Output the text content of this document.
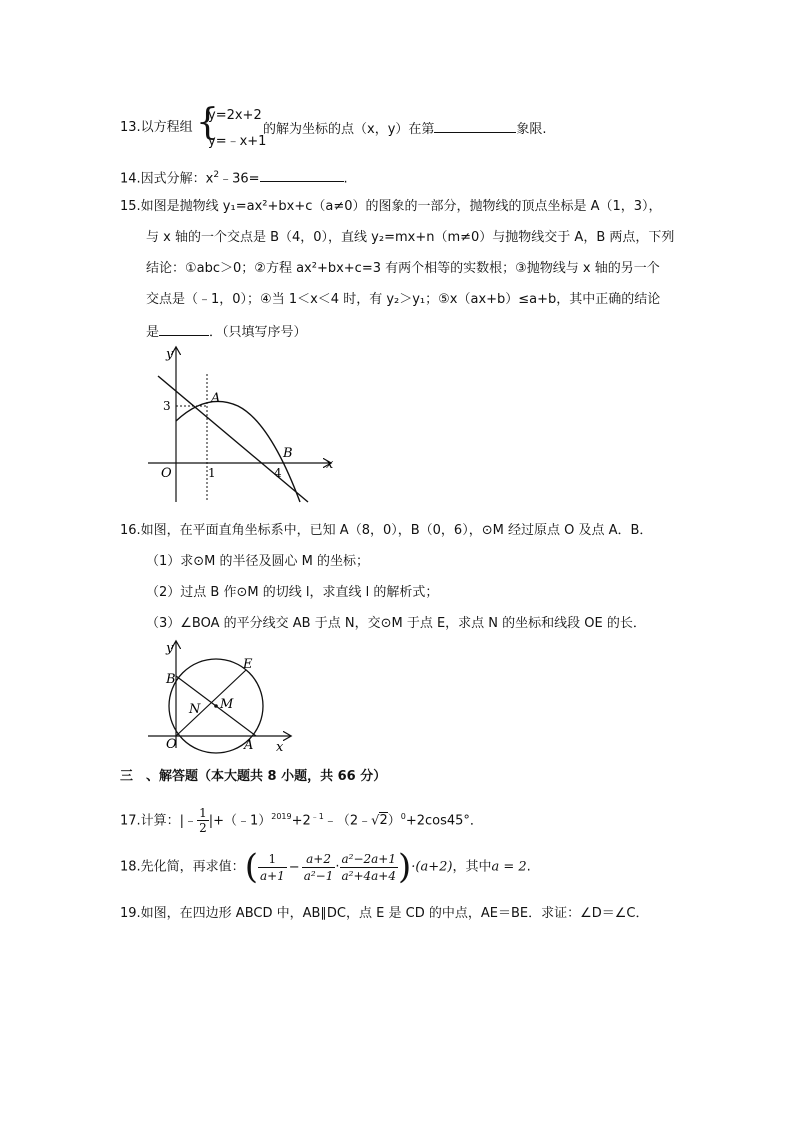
13.以方程组 {
y=2x+2
y=﹣x+1
的解为坐标的点（x，y）在第	象限.
14.因式分解：$x^2﹣36=$	.
15.如图是抛物线 y₁=ax²+bx+c（a≠0）的图象的一部分，抛物线的顶点坐标是 A（1，3），
与 x 轴的一个交点是 B（4，0），直线 y₂=mx+n（m≠0）与抛物线交于 A，B 两点，下列
结论：①abc＞0；②方程 ax²+bx+c=3 有两个相等的实数根；③抛物线与 x 轴的另一个
交点是（﹣1，0）；④当 1＜x＜4 时，有 y₂＞y₁；⑤x（ax+b）≤a+b，其中正确的结论
是	．（只填写序号）
y
x
O
A
B
3
1	4
16.如图，在平面直角坐标系中，已知 A（8，0），B（0，6），⊙M 经过原点 O 及点 A．B．
（1）求⊙M 的半径及圆心 M 的坐标；
（2）过点 B 作⊙M 的切线 l，求直线 l 的解析式；
（3）∠BOA 的平分线交 AB 于点 N，交⊙M 于点 E，求点 N 的坐标和线段 OE 的长．
y
x
O	A
B
E
N M
三　、解答题（本大题共 8 小题，共 66 分）
17.计算：|﹣ $\frac{1}{2}$ $|+(﹣1)^{2019}+2^{﹣1}﹣(2﹣√2)^0+2\cos 45^\circ$．
18.先化简，再求值：( $\frac{1}{a+1} - \frac{a+2}{\text{a²−1}} \cdot \frac{\text{a²−2a+1}}{\text{a²+4a+4}} )\cdot(a+2)$，其中a = 2.
19.如图，在四边形 ABCD 中，AB∥DC，点 E 是 CD 的中点，AE＝BE．求证：∠D＝∠C．
